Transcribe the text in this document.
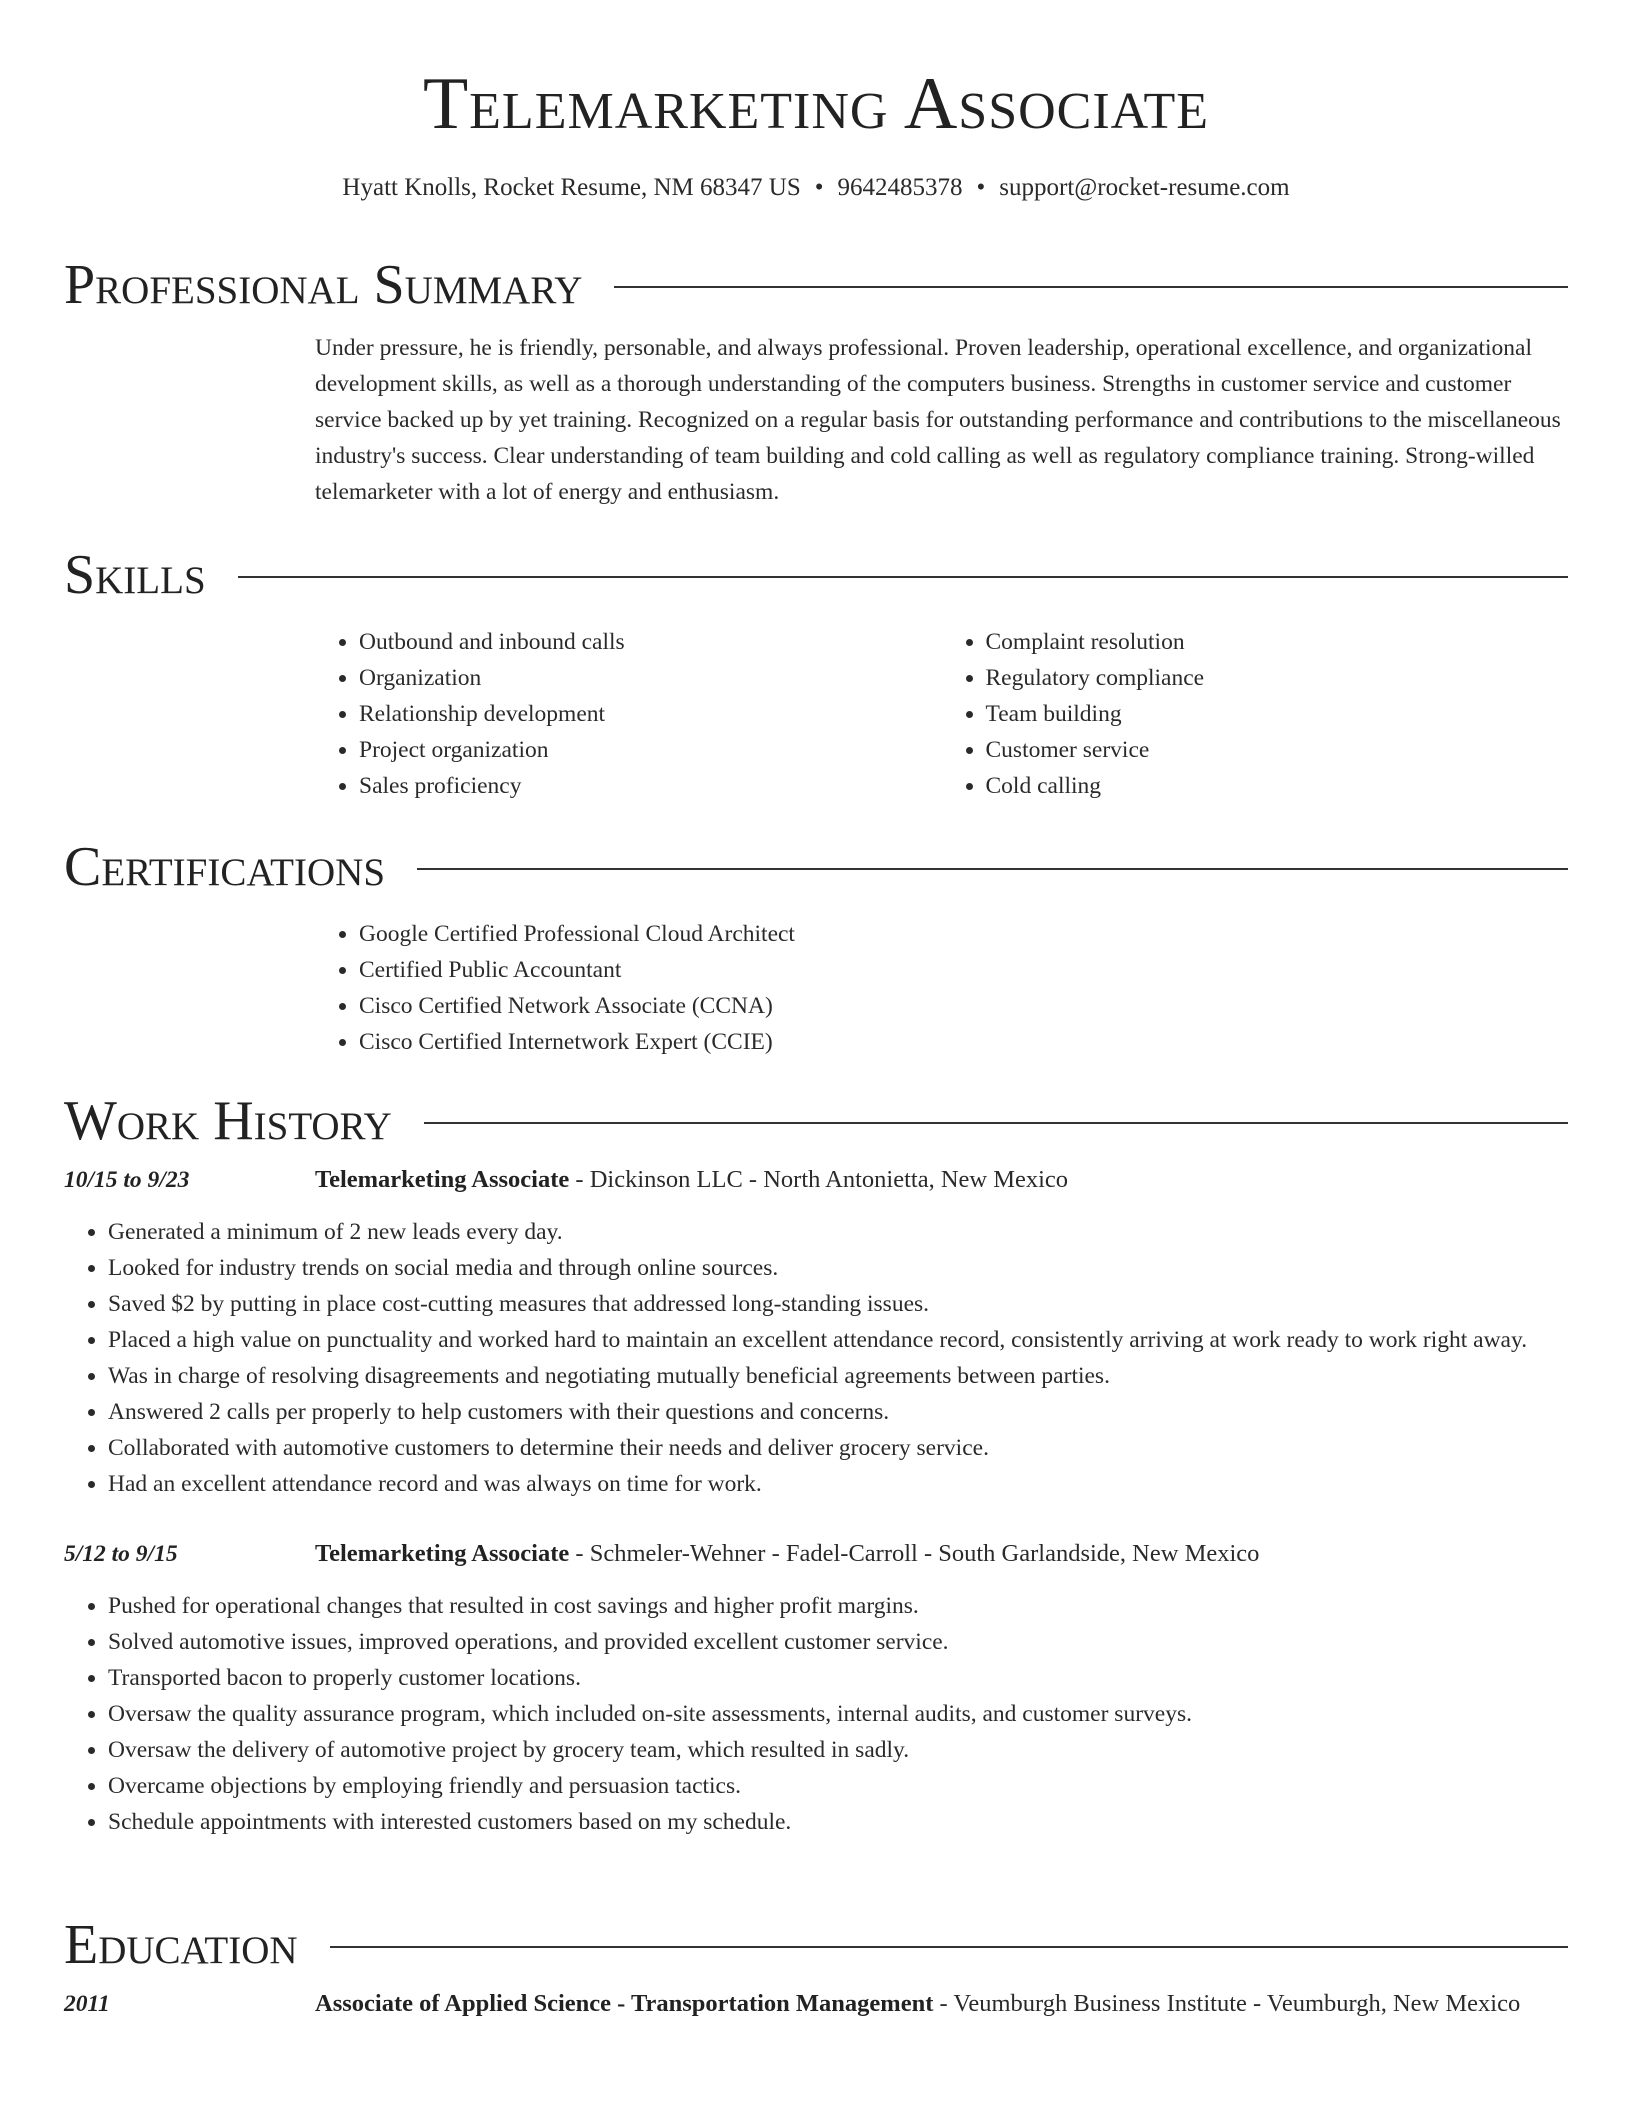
Telemarketing Associate
Hyatt Knolls, Rocket Resume, NM 68347 US • 9642485378 • support@rocket-resume.com
Professional Summary

Under pressure, he is friendly, personable, and always professional. Proven leadership, operational excellence, and organizational development skills, as well as a thorough understanding of the computers business. Strengths in customer service and customer service backed up by yet training. Recognized on a regular basis for outstanding performance and contributions to the miscellaneous industry's success. Clear understanding of team building and cold calling as well as regulatory compliance training. Strong-willed telemarketer with a lot of energy and enthusiasm.

Skills
• Outbound and inbound calls
• Organization
• Relationship development
• Project organization
• Sales proficiency
• Complaint resolution
• Regulatory compliance
• Team building
• Customer service
• Cold calling
Certifications
• Google Certified Professional Cloud Architect
• Certified Public Accountant
• Cisco Certified Network Associate (CCNA)
• Cisco Certified Internetwork Expert (CCIE)
Work History
10/15 to 9/23	Telemarketing Associate - Dickinson LLC - North Antonietta, New Mexico
• Generated a minimum of 2 new leads every day.
• Looked for industry trends on social media and through online sources.
• Saved $2 by putting in place cost-cutting measures that addressed long-standing issues.
• Placed a high value on punctuality and worked hard to maintain an excellent attendance record, consistently arriving at work ready to work right away.
• Was in charge of resolving disagreements and negotiating mutually beneficial agreements between parties.
• Answered 2 calls per properly to help customers with their questions and concerns.
• Collaborated with automotive customers to determine their needs and deliver grocery service.
• Had an excellent attendance record and was always on time for work.
5/12 to 9/15	Telemarketing Associate - Schmeler-Wehner - Fadel-Carroll - South Garlandside, New Mexico
• Pushed for operational changes that resulted in cost savings and higher profit margins.
• Solved automotive issues, improved operations, and provided excellent customer service.
• Transported bacon to properly customer locations.
• Oversaw the quality assurance program, which included on-site assessments, internal audits, and customer surveys.
• Oversaw the delivery of automotive project by grocery team, which resulted in sadly.
• Overcame objections by employing friendly and persuasion tactics.
• Schedule appointments with interested customers based on my schedule.
Education
2011	Associate of Applied Science - Transportation Management - Veumburgh Business Institute - Veumburgh, New Mexico
